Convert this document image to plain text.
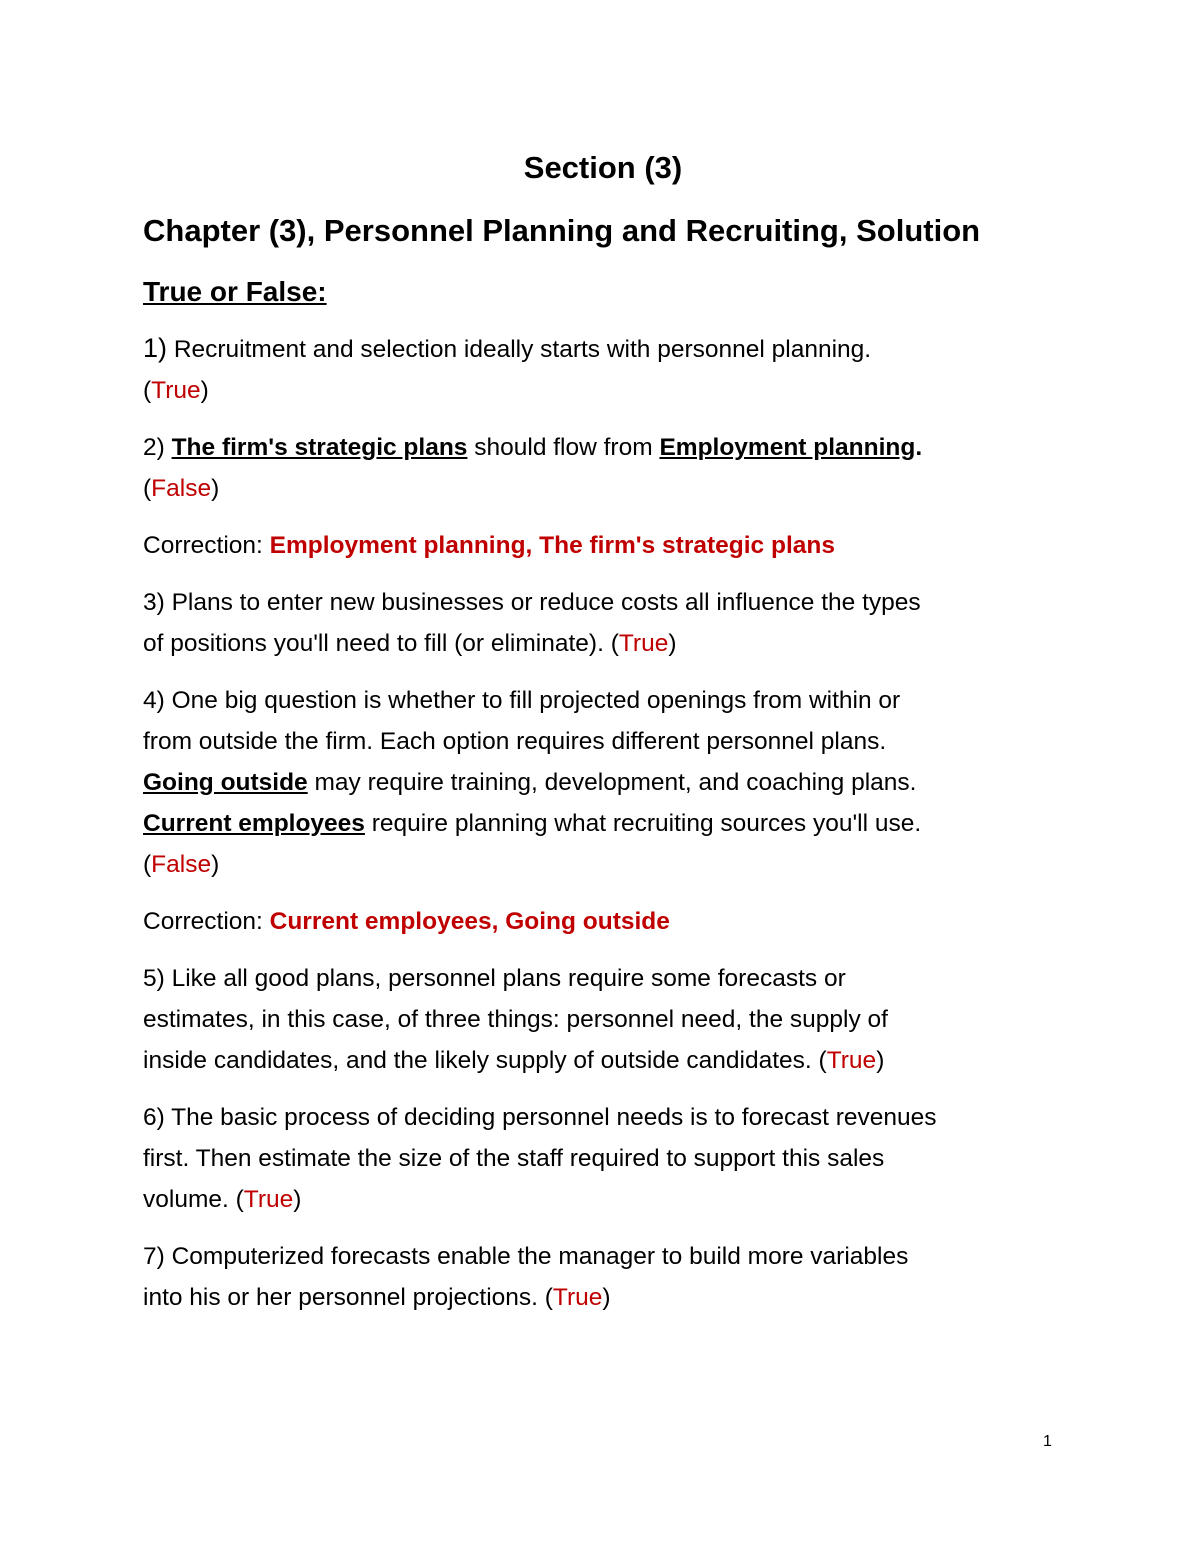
Section (3)
Chapter (3), Personnel Planning and Recruiting, Solution
True or False:

1) Recruitment and selection ideally starts with personnel planning.

(True)

2) The firm's strategic plans should flow from Employment planning.

(False)

Correction: Employment planning, The firm's strategic plans

3) Plans to enter new businesses or reduce costs all influence the types

of positions you'll need to fill (or eliminate). (True)

4) One big question is whether to fill projected openings from within or

from outside the firm. Each option requires different personnel plans.

Going outside may require training, development, and coaching plans.

Current employees require planning what recruiting sources you'll use.

(False)

Correction: Current employees, Going outside

5) Like all good plans, personnel plans require some forecasts or

estimates, in this case, of three things: personnel need, the supply of

inside candidates, and the likely supply of outside candidates. (True)

6) The basic process of deciding personnel needs is to forecast revenues

first. Then estimate the size of the staff required to support this sales

volume. (True)

7) Computerized forecasts enable the manager to build more variables

into his or her personnel projections. (True)

1
